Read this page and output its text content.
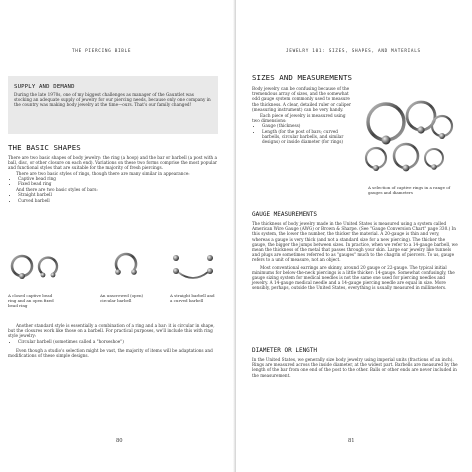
THE PIERCING BIBLE
SUPPLY AND DEMAND

During the late 1970s, one of my biggest challenges as manager of the Gauntlet was stocking an adequate supply of jewelry for our piercing needs, because only one company in the country was making body jewelry at the time—ours. That's our family changed!

THE BASIC SHAPES

There are two basic shapes of body jewelry: the ring (a hoop) and the bar or barbell (a post with a ball, disc, or other closure on each end). Variations on these two forms comprise the most popular and functional styles that are suitable for the majority of fresh piercings.

There are two basic styles of rings, though there are many similar in appearance:

• Captive bead ring
• Fixed bead ring

And there are two basic styles of bars:

• Straight barbell
• Curved barbell
A closed captive bead ring and an open fixed bead ring
An unscrewed (open) circular barbell
A straight barbell and a curved barbell

Another standard style is essentially a combination of a ring and a bar: it is circular in shape, but the closures work like those on a barbell. For practical purposes, we'll include this with ring style jewelry:

• Circular barbell (sometimes called a "horseshoe")

Even though a studio's selection might be vast, the majority of items will be adaptations and modifications of these simple designs.

80
JEWELRY 101: SIZES, SHAPES, AND MATERIALS
SIZES AND MEASUREMENTS

Body jewelry can be confusing because of the tremendous array of sizes, and the somewhat odd gauge system commonly used to measure the thickness. A clear, detailed ruler or caliper (measuring instrument) can be very handy.

Each piece of jewelry is measured using two dimensions:

• Gauge (thickness)
• Length (for the post of bars; curved barbells, circular barbells, and similar designs) or inside diameter (for rings)
A selection of captive rings in a range of gauges and diameters
GAUGE MEASUREMENTS

The thickness of body jewelry made in the United States is measured using a system called American Wire Gauge (AWG) or Brown & Sharpe. (See "Gauge Conversion Chart" page 330.) In this system, the lower the number, the thicker the material. A 20-gauge is thin and very, whereas a gauge is very thick (and not a standard size for a new piercing). The thicker the gauge, the bigger the jumps between sizes. In practice, when we refer to a 14-gauge barbell, we mean the thickness of the metal that passes through your skin. Large ear jewelry like tunnels and plugs are sometimes referred to as "gauges" much to the chagrin of piercers. To us, gauge refers to a unit of measure, not an object.

Most conventional earrings are skinny, around 20 gauge or 22-gauge. The typical initial minimums for below-the-neck piercings is a little thicker: 14-gauge. Somewhat confusingly, the gauge sizing system for medical needles is not the same one used for piercing needles and jewelry. A 14-gauge medical needle and a 14-gauge piercing needle are equal in size. More sensibly, perhaps, outside the United States, everything is usually measured in millimeters.

DIAMETER OR LENGTH

In the United States, we generally size body jewelry using imperial units (fractions of an inch). Rings are measured across the inside diameter, at the widest part. Barbells are measured by the length of the bar from one end of the post to the other. Balls or other ends are never included in the measurement.

81
